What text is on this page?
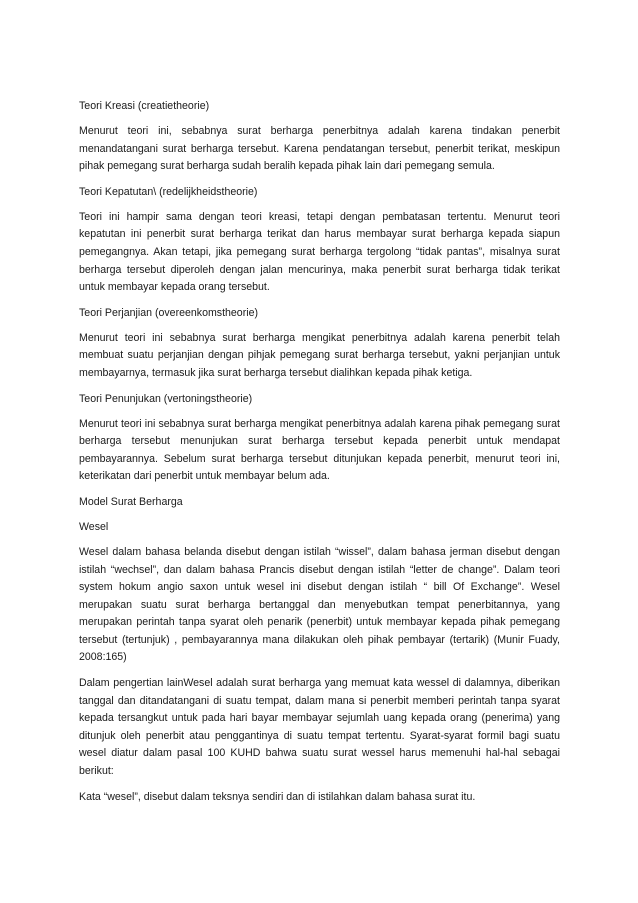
Teori Kreasi (creatietheorie)

Menurut teori ini, sebabnya surat berharga penerbitnya adalah karena tindakan penerbit menandatangani surat berharga tersebut. Karena pendatangan tersebut, penerbit terikat, meskipun pihak pemegang surat berharga sudah beralih kepada pihak lain dari pemegang semula.

Teori Kepatutan\ (redelijkheidstheorie)

Teori ini hampir sama dengan teori kreasi, tetapi dengan pembatasan tertentu. Menurut teori kepatutan ini penerbit surat berharga terikat dan harus membayar surat berharga kepada siapun pemegangnya. Akan tetapi, jika pemegang surat berharga tergolong “tidak pantas”, misalnya surat berharga tersebut diperoleh dengan jalan mencurinya, maka penerbit surat berharga tidak terikat untuk membayar kepada orang tersebut.

Teori Perjanjian (overeenkomstheorie)

Menurut teori ini sebabnya surat berharga mengikat penerbitnya adalah karena penerbit telah membuat suatu perjanjian dengan pihjak pemegang surat berharga tersebut, yakni perjanjian untuk membayarnya, termasuk jika surat berharga tersebut dialihkan kepada pihak ketiga.

Teori Penunjukan (vertoningstheorie)

Menurut teori ini sebabnya surat berharga mengikat penerbitnya adalah karena pihak pemegang surat berharga tersebut menunjukan surat berharga tersebut kepada penerbit untuk mendapat pembayarannya. Sebelum surat berharga tersebut ditunjukan kepada penerbit, menurut teori ini, keterikatan dari penerbit untuk membayar belum ada.

Model Surat Berharga

Wesel

Wesel dalam bahasa belanda disebut dengan istilah “wissel”, dalam bahasa jerman disebut dengan istilah “wechsel”, dan dalam bahasa Prancis disebut dengan istilah “letter de change”. Dalam teori system hokum angio saxon untuk wesel ini disebut dengan istilah “ bill Of Exchange”. Wesel merupakan suatu surat berharga bertanggal dan menyebutkan tempat penerbitannya, yang merupakan perintah tanpa syarat oleh penarik (penerbit) untuk membayar kepada pihak pemegang tersebut (tertunjuk) , pembayarannya mana dilakukan oleh pihak pembayar (tertarik) (Munir Fuady, 2008:165)

Dalam pengertian lainWesel adalah surat berharga yang memuat kata wessel di dalamnya, diberikan tanggal dan ditandatangani di suatu tempat, dalam mana si penerbit memberi perintah tanpa syarat kepada tersangkut untuk pada hari bayar membayar sejumlah uang kepada orang (penerima) yang ditunjuk oleh penerbit atau penggantinya di suatu tempat tertentu. Syarat-syarat formil bagi suatu wesel diatur dalam pasal 100 KUHD bahwa suatu surat wessel harus memenuhi hal-hal sebagai berikut:

Kata “wesel”, disebut dalam teksnya sendiri dan di istilahkan dalam bahasa surat itu.
